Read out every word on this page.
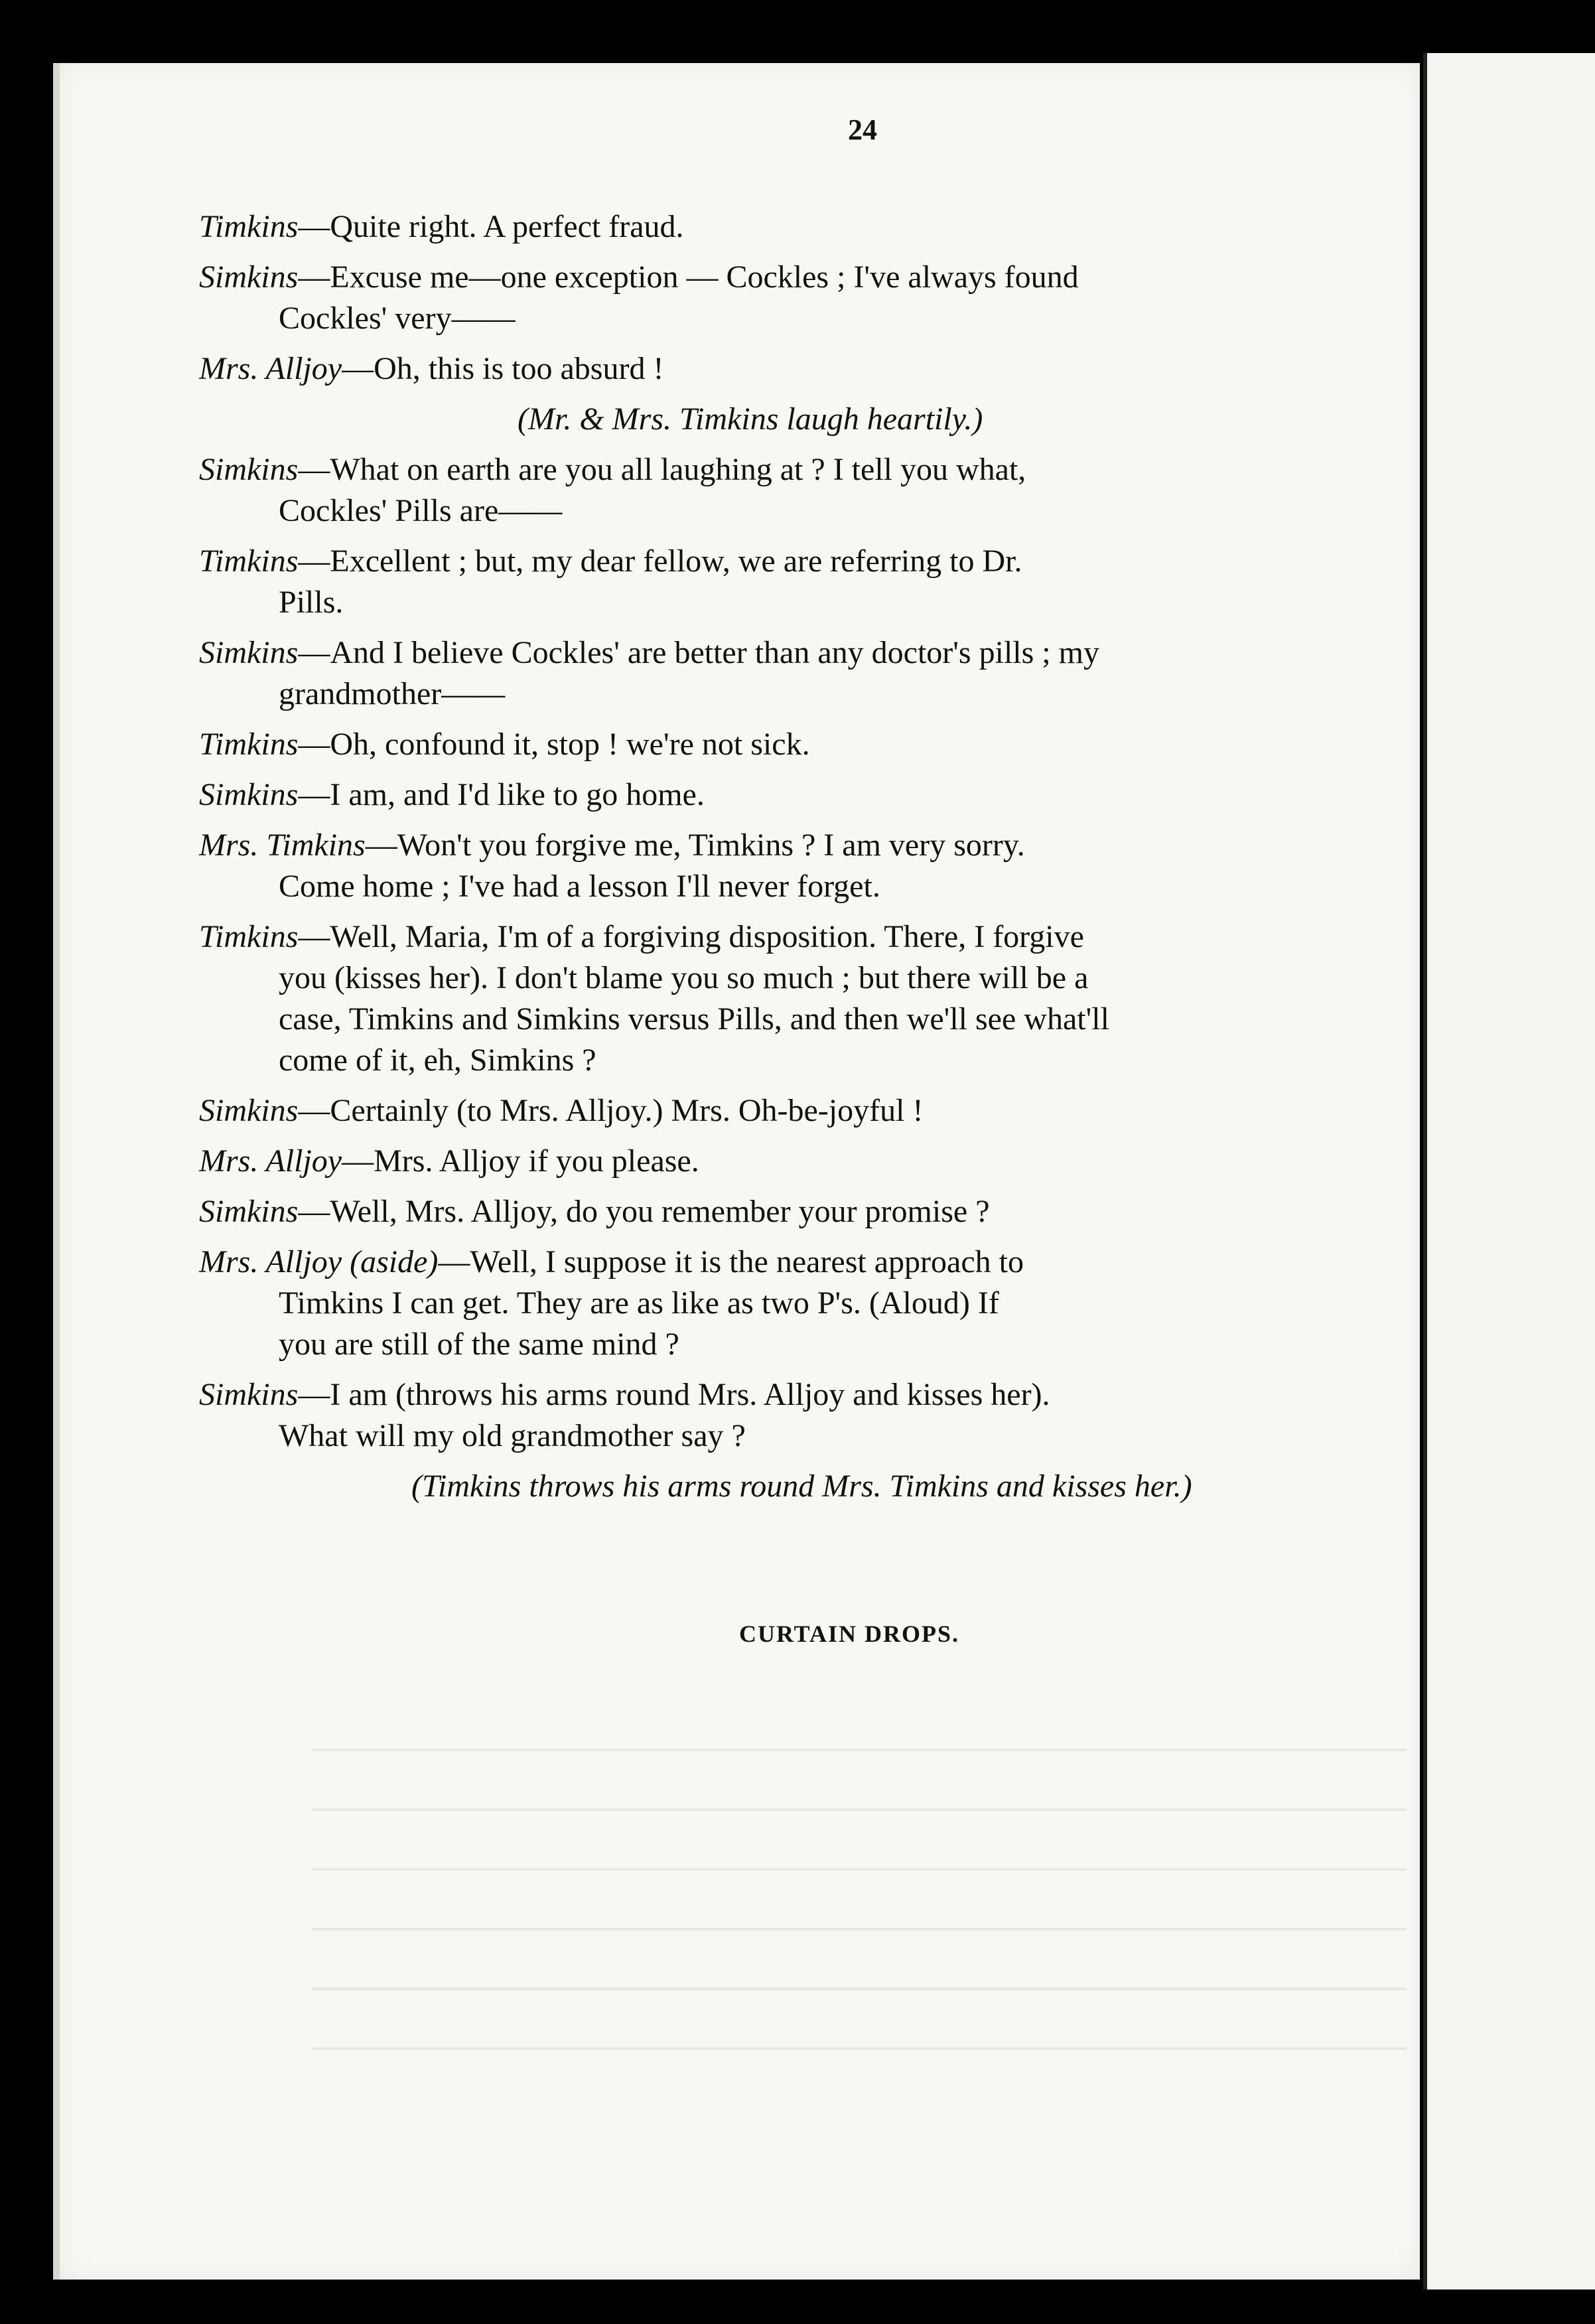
24
Timkins—Quite right. A perfect fraud.
Simkins—Excuse me—one exception — Cockles ; I've always found
Cockles' very——
Mrs. Alljoy—Oh, this is too absurd !
(Mr. & Mrs. Timkins laugh heartily.)
Simkins—What on earth are you all laughing at ? I tell you what,
Cockles' Pills are——
Timkins—Excellent ; but, my dear fellow, we are referring to Dr.
Pills.
Simkins—And I believe Cockles' are better than any doctor's pills ; my
grandmother——
Timkins—Oh, confound it, stop ! we're not sick.
Simkins—I am, and I'd like to go home.
Mrs. Timkins—Won't you forgive me, Timkins ? I am very sorry.
Come home ; I've had a lesson I'll never forget.
Timkins—Well, Maria, I'm of a forgiving disposition. There, I forgive
you (kisses her). I don't blame you so much ; but there will be a
case, Timkins and Simkins versus Pills, and then we'll see what'll
come of it, eh, Simkins ?
Simkins—Certainly (to Mrs. Alljoy.) Mrs. Oh-be-joyful !
Mrs. Alljoy—Mrs. Alljoy if you please.
Simkins—Well, Mrs. Alljoy, do you remember your promise ?
Mrs. Alljoy (aside)—Well, I suppose it is the nearest approach to
Timkins I can get. They are as like as two P's. (Aloud) If
you are still of the same mind ?
Simkins—I am (throws his arms round Mrs. Alljoy and kisses her).
What will my old grandmother say ?
(Timkins throws his arms round Mrs. Timkins and kisses her.)
CURTAIN DROPS.
